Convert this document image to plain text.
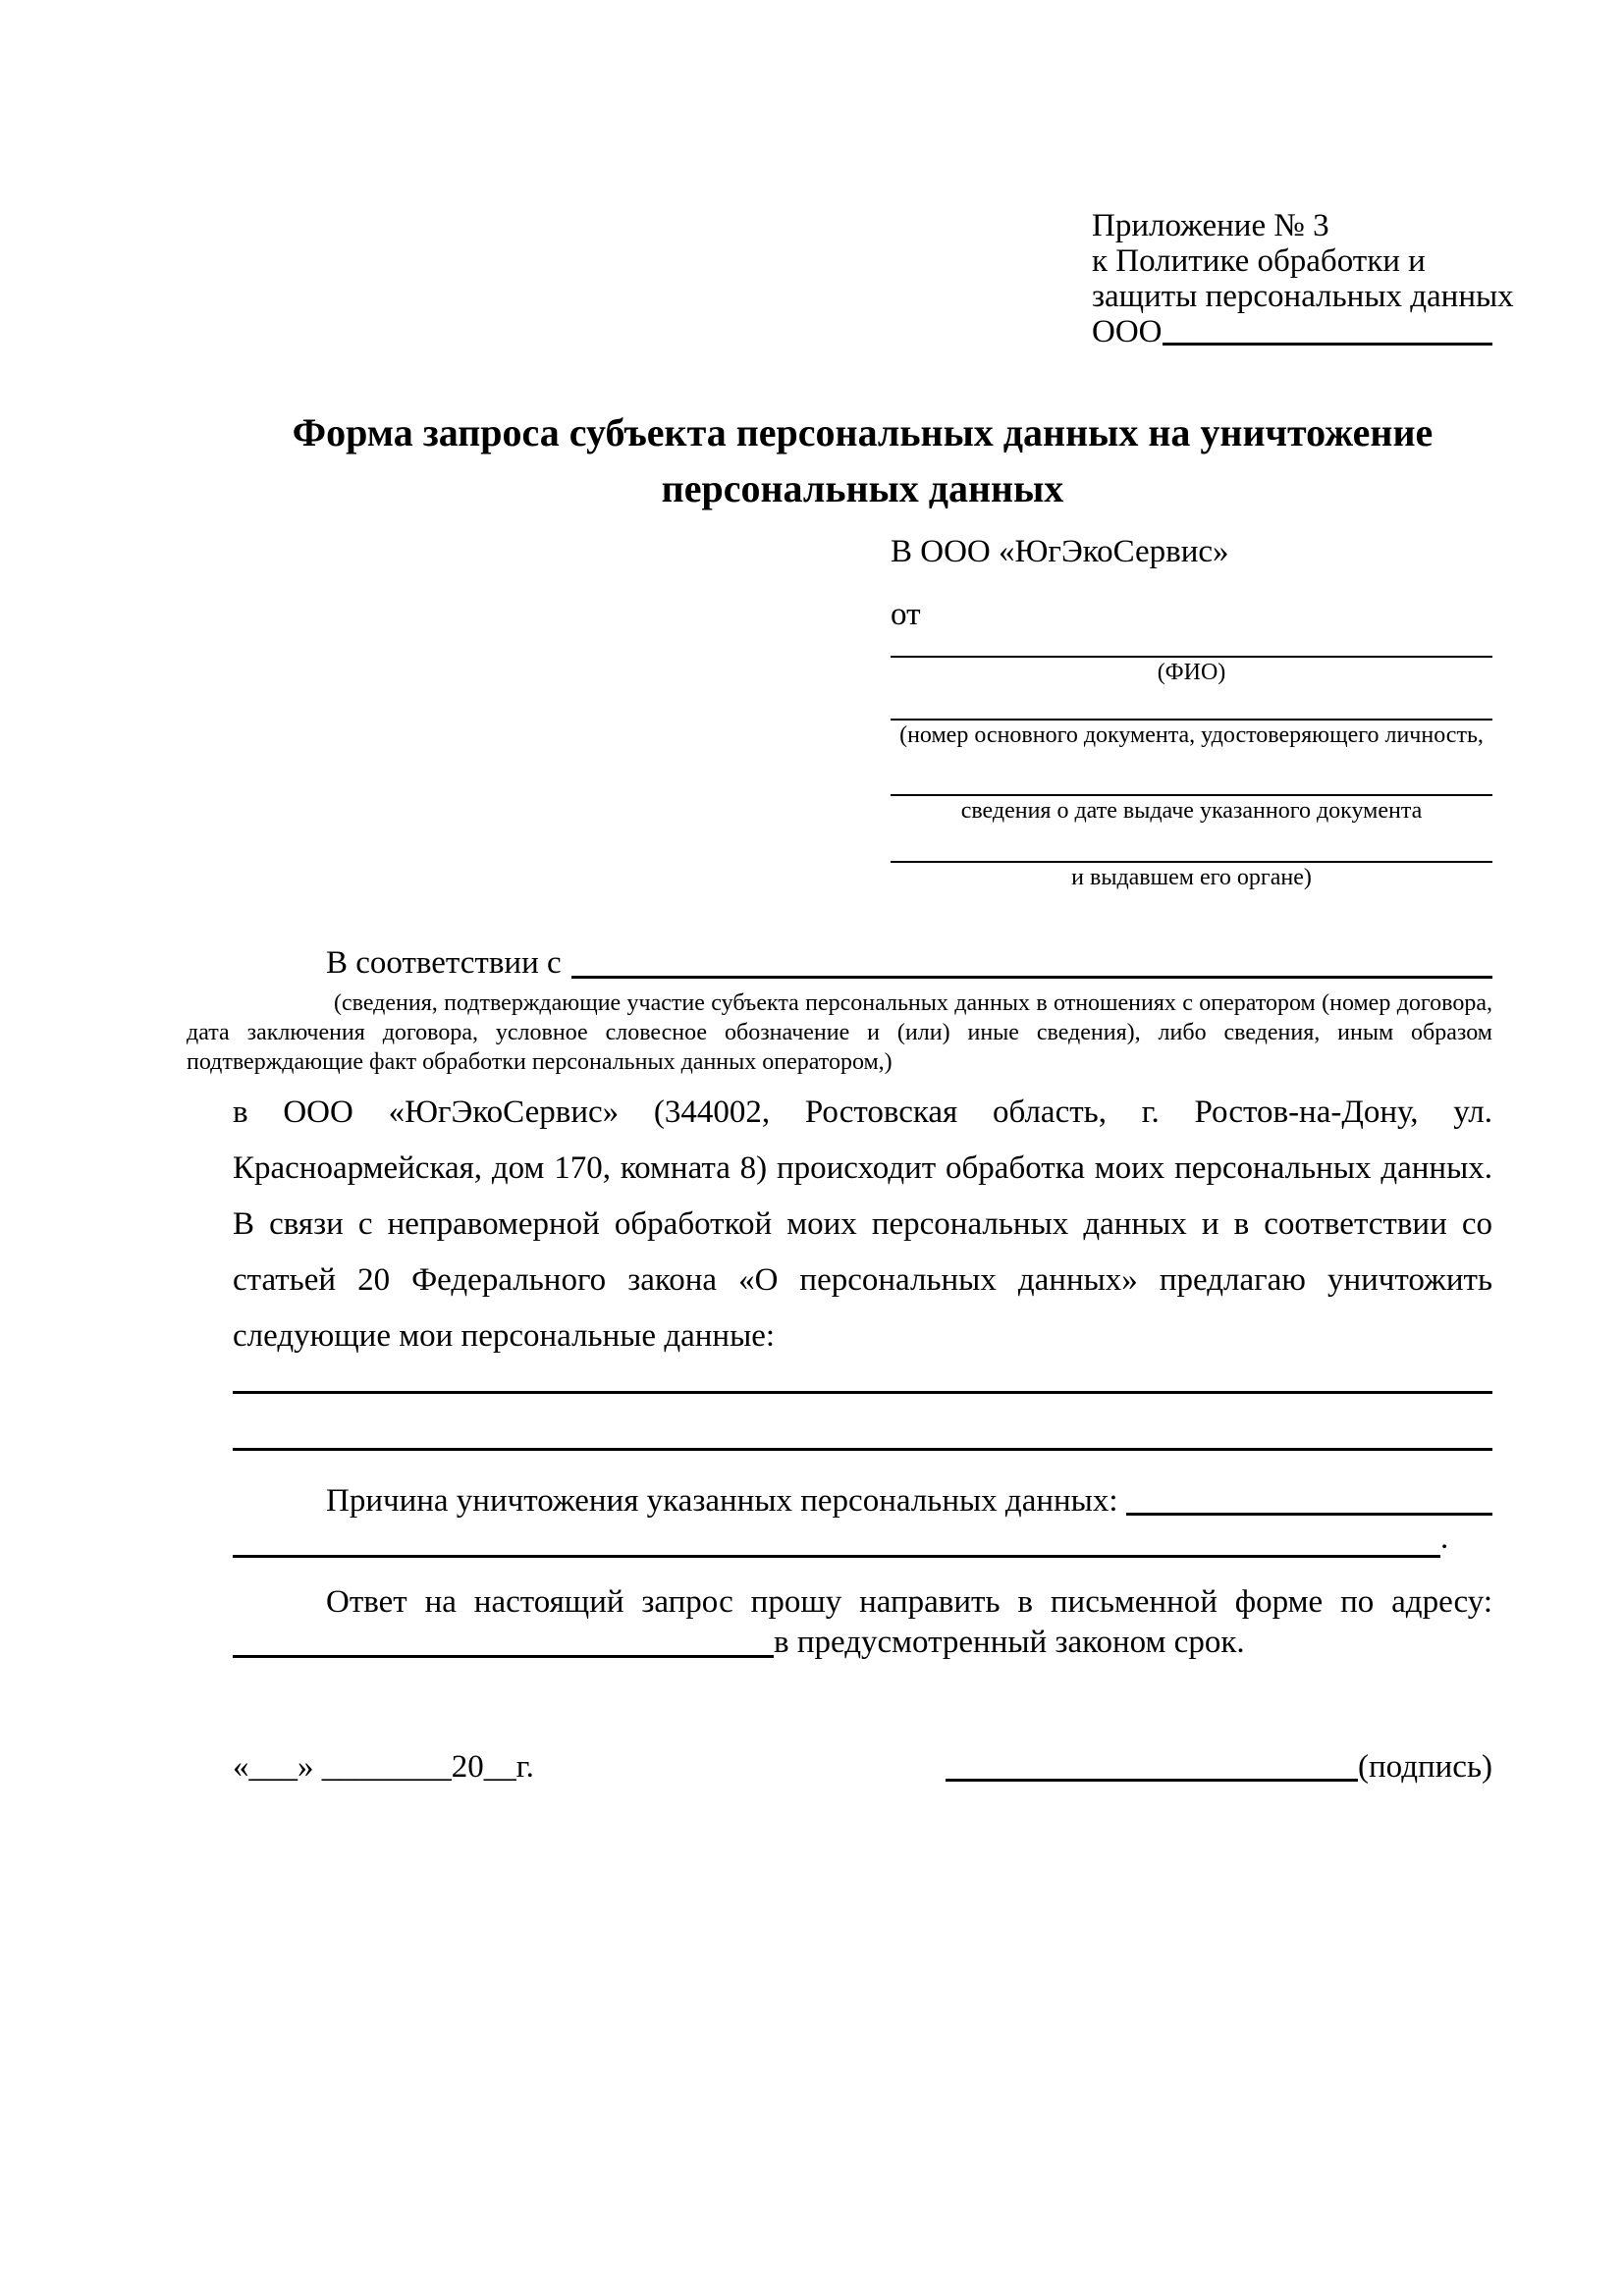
Приложение № 3
к Политике обработки и
защиты персональных данных
ООО
Форма запроса субъекта персональных данных на уничтожение персональных данных
В ООО «ЮгЭкоСервис»
от
(ФИО)
(номер основного документа, удостоверяющего личность,
сведения о дате выдаче указанного документа
и выдавшем его органе)
В соответствии с
(сведения, подтверждающие участие субъекта персональных данных в отношениях с оператором (номер договора, дата заключения договора, условное словесное обозначение и (или) иные сведения), либо сведения, иным образом подтверждающие факт обработки персональных данных оператором,)
в ООО «ЮгЭкоСервис» (344002, Ростовская область, г. Ростов-на-Дону, ул. Красноармейская, дом 170, комната 8) происходит обработка моих персональных данных. В связи с неправомерной обработкой моих персональных данных и в соответствии со статьей 20 Федерального закона «О персональных данных» предлагаю уничтожить следующие мои персональные данные:
Причина уничтожения указанных персональных данных:
.
Ответ на настоящий запрос прошу направить в письменной форме по адресу:
в предусмотренный законом срок.
«___» ________20__г.	(подпись)
